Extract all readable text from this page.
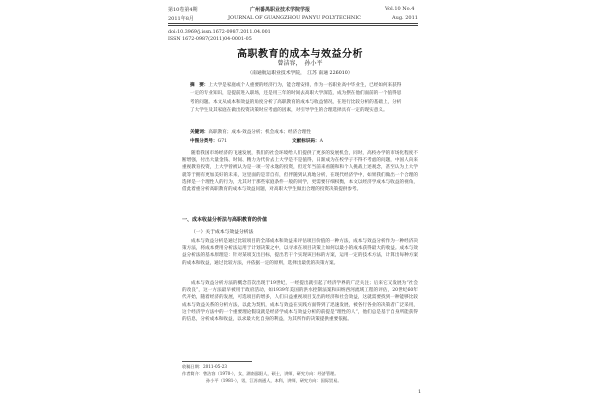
第10卷第4期	广州番禺职业技术学院学报	Vol.10 No.4
2011年8月	JOURNAL OF GUANGZHOU PANYU POLYTECHNIC	Aug. 2011
doi:10.3969/j.issn.1672-0987.2011.04.001
ISSN 1672-0987(2011)04-0001-05
高职教育的成本与效益分析
曾洁容，　孙小平
（南通航运职业技术学院，　江苏 南通 226010）
摘　要：上大学是家庭或个人重要的经济行为，能合理安排，作为一名职业高中毕业生，已经如何来获得一定的专业知识，是提前进入职场，还是用三年的时间去高职大学深造，成为摆在他们面前的一个值得思考的问题。本文从成本和效益的角度分析了高职教育的成本与收益情况，在进行比较分析的基础上，分析了大学生及其家庭在做出投资决策时应考虑的因素，对引导学生的合理选择具有一定的现实意义。
关键词：高职教育；成本-效益分析；机会成本；经济合理性
中图分类号：G71	文献标识码：A

随着我国市场经济的飞速发展，我们的社会环境给人们提供了更多的发展机会，同时，高校办学的市场化程度不断增强，付出大量金钱、时间、精力为代价去上大学是不是值得，日渐成为在校学子不得不考虑的问题，中国人向来重视教育投资，上大学曾被认为是一项一劳永逸的投资，但近年当前来看随和和个人挑战上述观念，甚至认为上大学就等于拥有更加美好的未来，这里面的是非自有，但伴随到认真地分析，在现代经济学中，如果我们做出一个合理的选择是一个理性人的行为，尤其对于那些家庭条件一般的同学，更需要仔细权衡，本文以经济学成本与收益的视角，借此着重分析高职教育的成本与效益问题，对高职大学生做出合理的投资决策提供参考。

一、成本收益分析法与高职教育的价值
（一）关于成本与效益分析法

成本与效益分析是通过比较项目的全部成本和效益来评估项目价值的一种方法，成本与效益分析作为一种经济决策方法，将成本费用分析法运用于计划决策之中，以寻求在项目决策上如何以最小的成本获得最大的收益。成本与效益分析法的基本原理是：针对某项支出目标，提出若干个实现该目标的方案，运用一定的技术方法，计算出每种方案的成本和收益，通过比较方法，并依据一定的原则，选择出最优的决策方案。

成本与效益分析方法的概念首次出现于19世纪，一经提出就引起了经济学界的广泛关注；后来它又发展为“社会的改良”，这一方法最早被用于政府活动，如1939年美国的洪水控制法案和田纳西河流域工程的评估，20世纪60年代开始，随着经济的发展，可选项目的增多，人们日益重视项目支出的经济和社会效益，这就需要找到一种能够比较成本与效益关系的分析方法，以此为契机，成本与效益在实践方面得到了迅速发展，被各行各业的决策者广泛采用，这个经济学方法中的一个重要理论假设就是经济学成本与效益分析的前提是“理性的人”，他们总是基于自身所能获得的信息，分析成本和收益，以求最大化自身的利益，为其所作的决策提供重要依据。

收稿日期：2011-05-23
作者简介：曾洁容（1970-），女，湖南邵阳人，硕士，讲师，研究方向：经济管理。
孙小平（1981-），男，江苏南通人，本科，讲师，研究方向：国际贸易。
1
